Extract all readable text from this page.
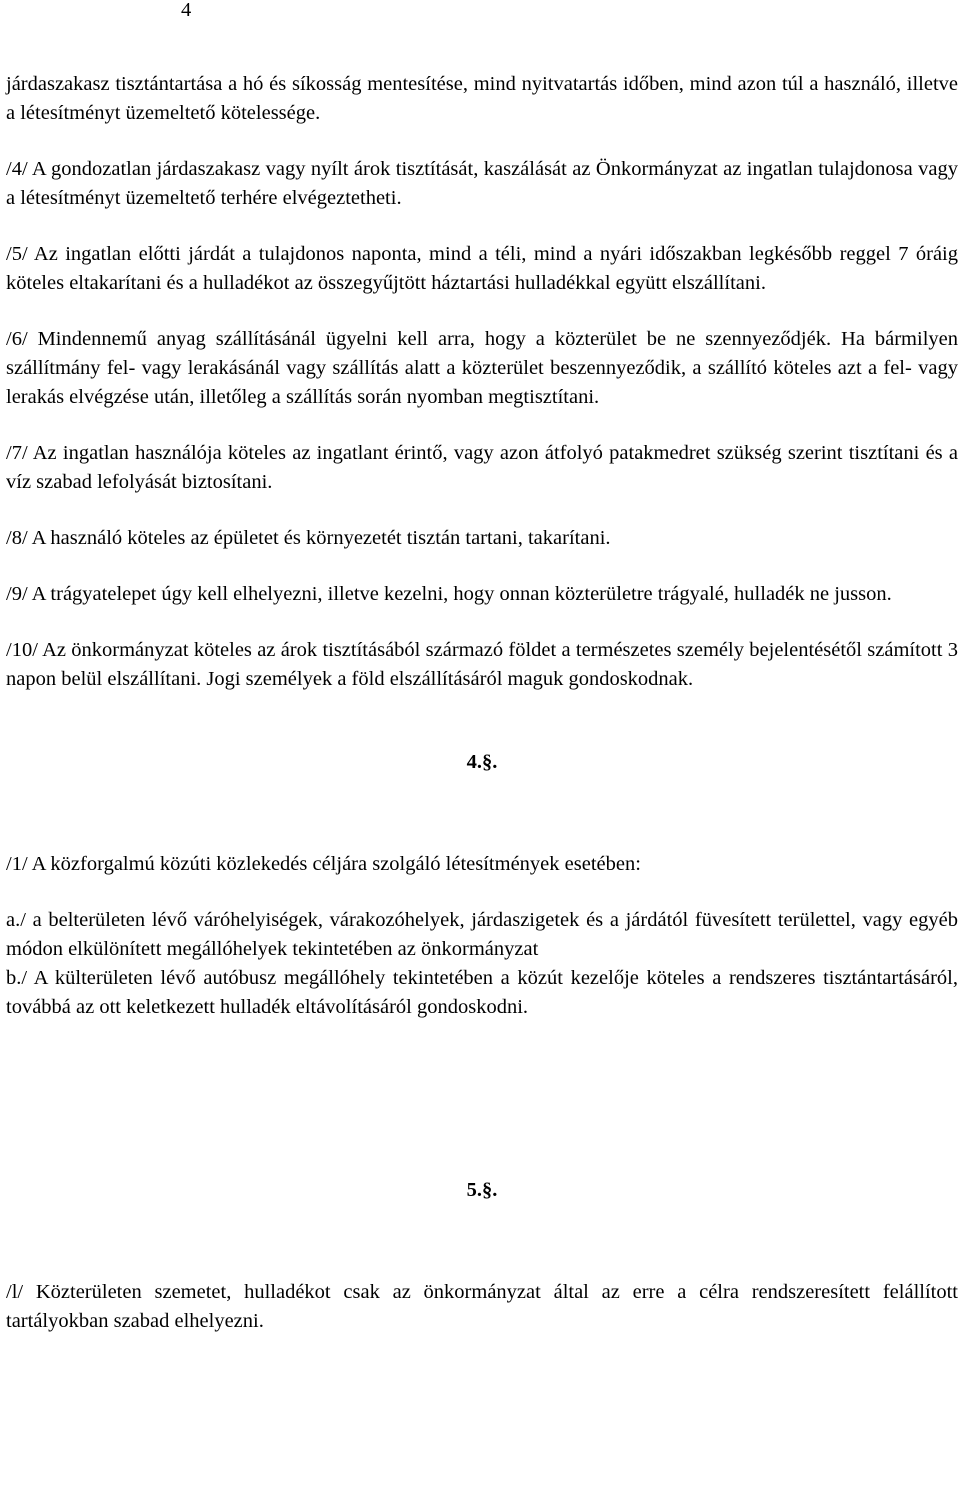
4

járdaszakasz tisztántartása a hó és síkosság mentesítése, mind nyitvatartás időben, mind azon túl a használó, illetve a létesítményt üzemeltető kötelessége.

/4/ A gondozatlan járdaszakasz vagy nyílt árok tisztítását, kaszálását az Önkormányzat az ingatlan tulajdonosa vagy a létesítményt üzemeltető terhére elvégeztetheti.

/5/ Az ingatlan előtti járdát a tulajdonos naponta, mind a téli, mind a nyári időszakban legkésőbb reggel 7 óráig köteles eltakarítani és a hulladékot az összegyűjtött háztartási hulladékkal együtt elszállítani.

/6/ Mindennemű anyag szállításánál ügyelni kell arra, hogy a közterület be ne szennyeződjék. Ha bármilyen szállítmány fel- vagy lerakásánál vagy szállítás alatt a közterület beszennyeződik, a szállító köteles azt a fel- vagy lerakás elvégzése után, illetőleg a szállítás során nyomban megtisztítani.

/7/ Az ingatlan használója köteles az ingatlant érintő, vagy azon átfolyó patakmedret szükség szerint tisztítani és a víz szabad lefolyását biztosítani.

/8/ A használó köteles az épületet és környezetét tisztán tartani, takarítani.

/9/ A trágyatelepet úgy kell elhelyezni, illetve kezelni, hogy onnan közterületre trágyalé, hulladék ne jusson.

/10/ Az önkormányzat köteles az árok tisztításából származó földet a természetes személy bejelentésétől számított 3 napon belül elszállítani. Jogi személyek a föld elszállításáról maguk gondoskodnak.

4.§.

/1/ A közforgalmú közúti közlekedés céljára szolgáló létesítmények esetében:

a./ a belterületen lévő váróhelyiségek, várakozóhelyek, járdaszigetek és a járdától füvesített területtel, vagy egyéb módon elkülönített megállóhelyek tekintetében az önkormányzat

b./ A külterületen lévő autóbusz megállóhely tekintetében a közút kezelője köteles a rendszeres tisztántartásáról, továbbá az ott keletkezett hulladék eltávolításáról gondoskodni.

5.§.

/l/ Közterületen szemetet, hulladékot csak az önkormányzat által az erre a célra rendszeresített felállított tartályokban szabad elhelyezni.
